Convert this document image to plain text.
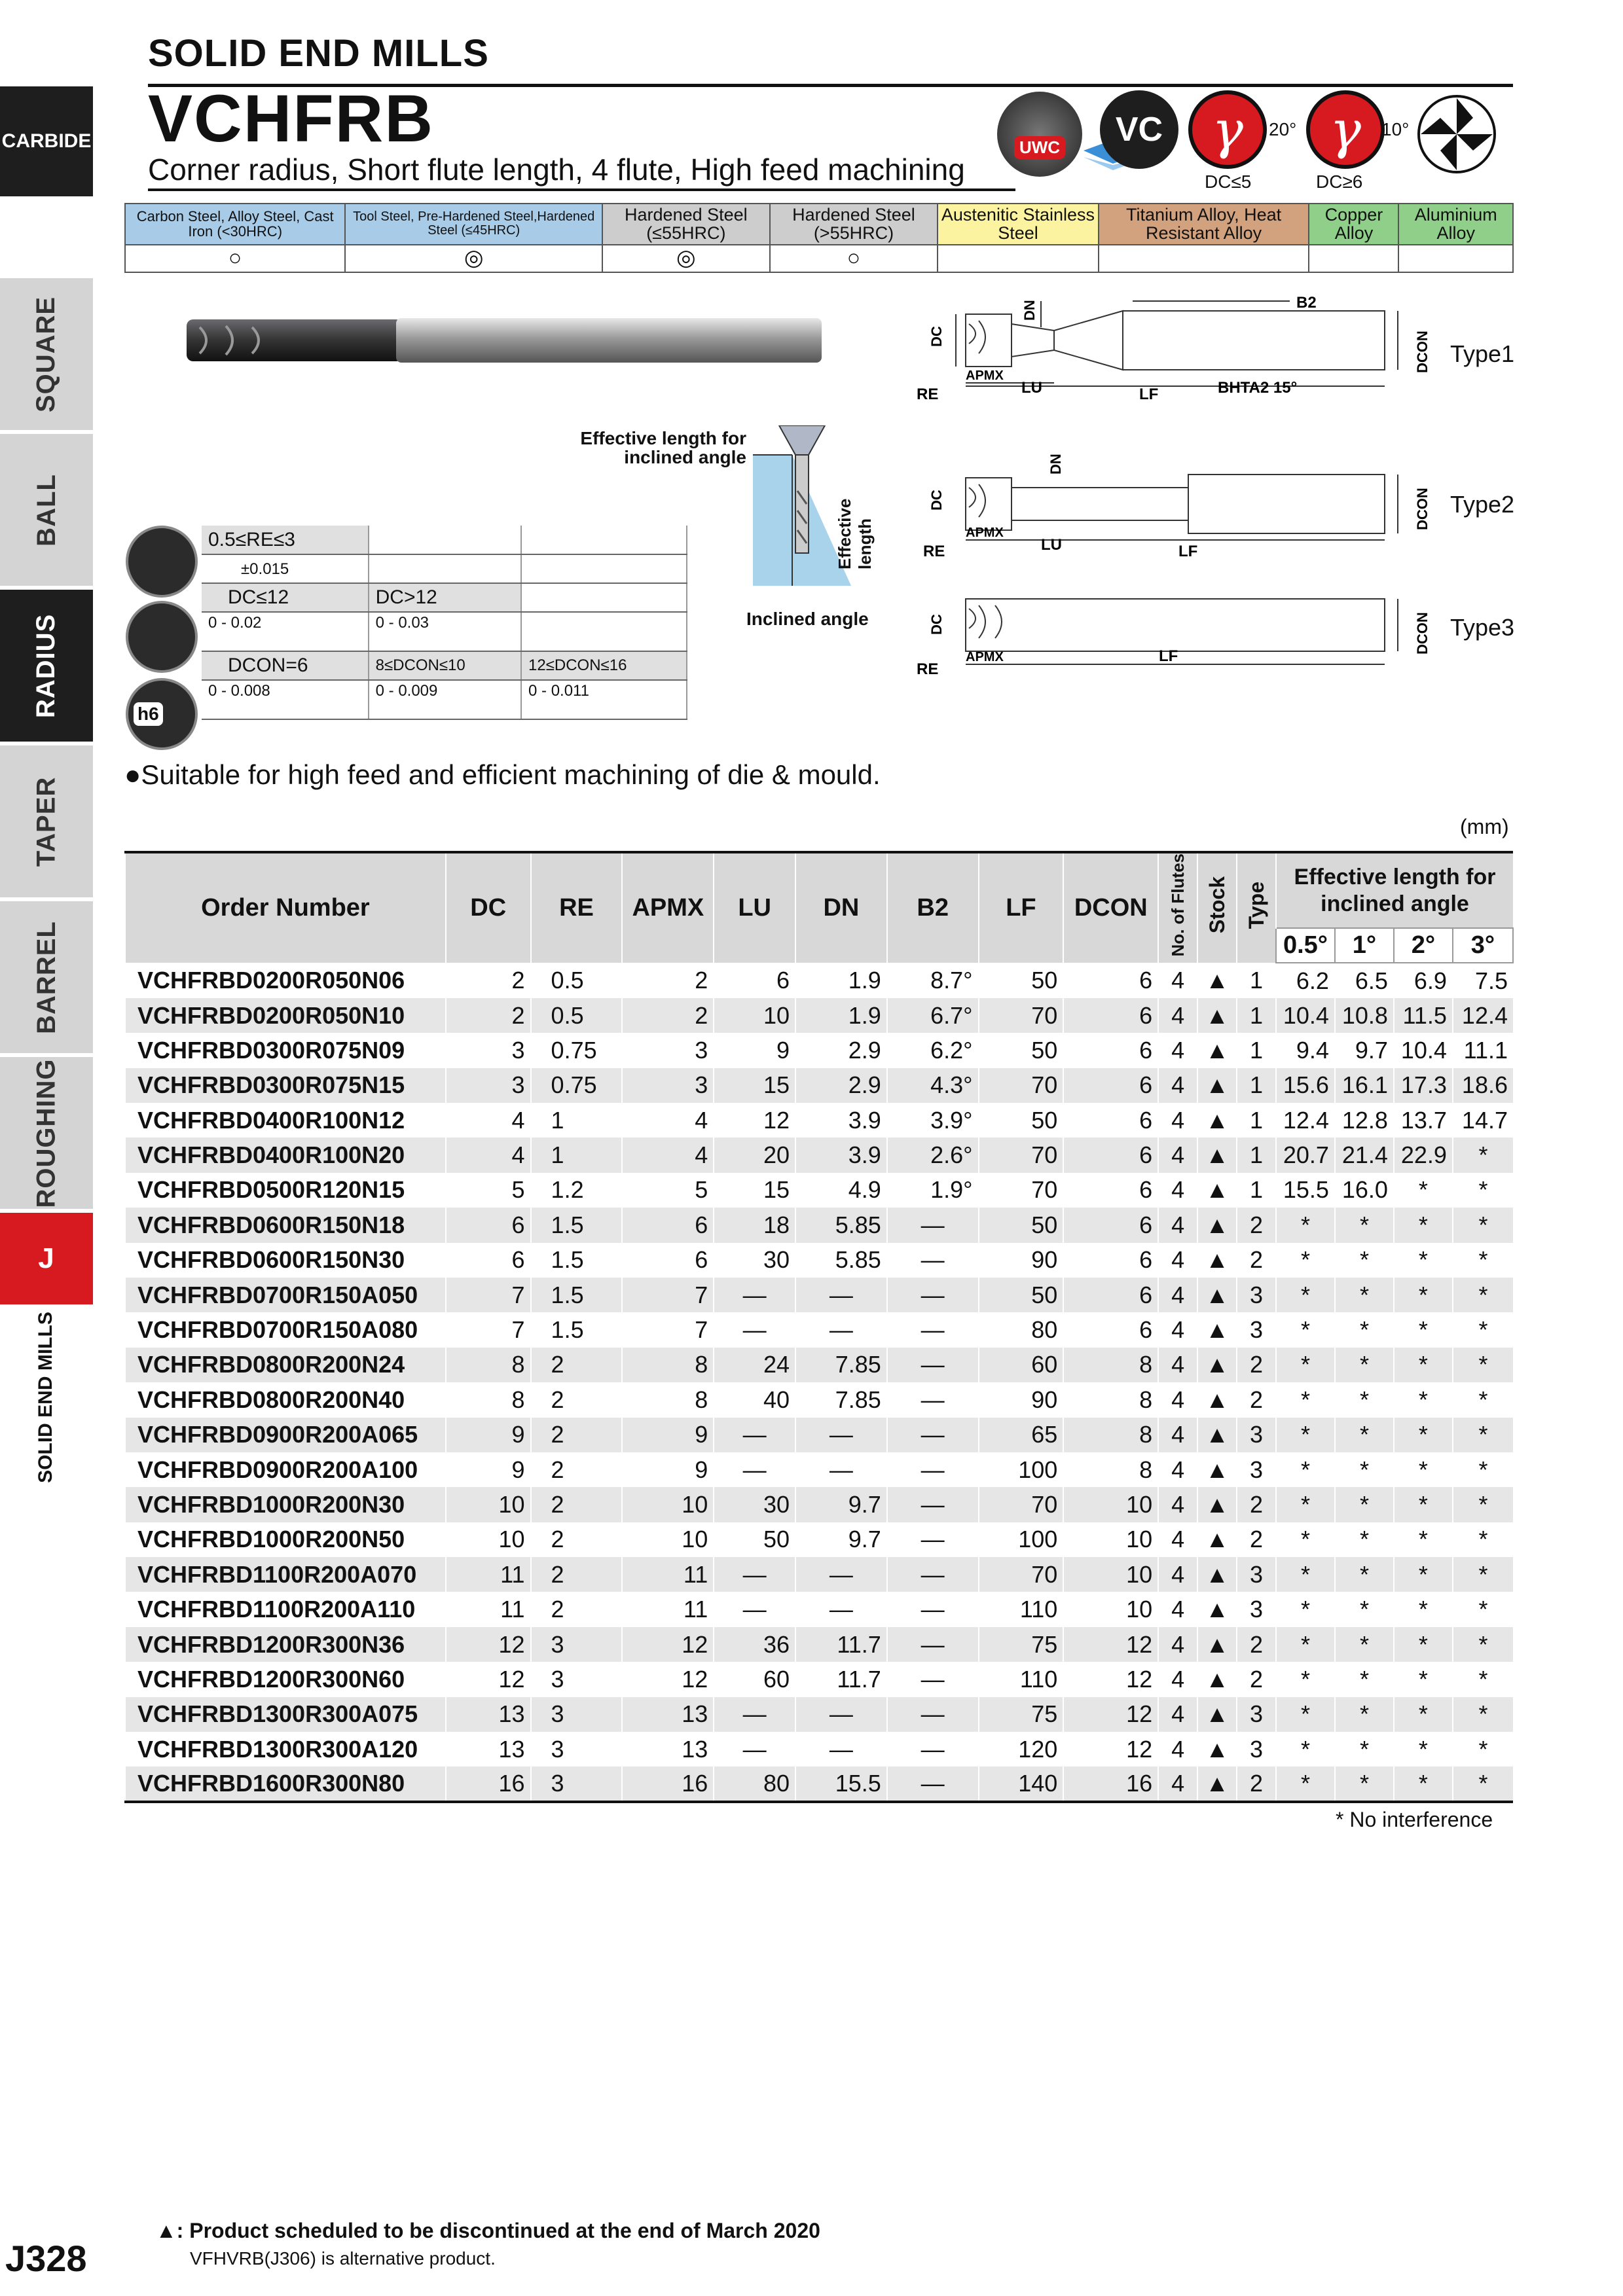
CARBIDE
SQUARE
BALL
RADIUS
TAPER
BARREL
ROUGHING
J
SOLID END MILLS
SOLID END MILLS
VCHFRB
Corner radius, Short flute length, 4 flute, High feed machining
UWC VC γ 20°
DC≤5
γ 10°
DC≥6
Carbon Steel, Alloy Steel, Cast Iron (<30HRC)	Tool Steel, Pre-Hardened Steel,Hardened Steel (≤45HRC)	Hardened Steel (≤55HRC)	Hardened Steel (>55HRC)	Austenitic Stainless Steel	Titanium Alloy, Heat Resistant Alloy	Copper Alloy	Aluminium Alloy
○	◎	◎	○				
Effective length for inclined angle
Effective length
Inclined angle
DC
DN	B2
RE
APMX
LU	LF	BHTA2 15°
DCON Type1
DC
DN
RE
APMX
LU	LF
DCON Type2
DC
RE
APMX	LF
DCON Type3
h6
0.5≤RE≤3		
±0.015		
DC≤12	DC>12	
0 - 0.02	0 - 0.03	
DCON=6	8≤DCON≤10	12≤DCON≤16
0 - 0.008	0 - 0.009	0 - 0.011
●Suitable for high feed and efficient machining of die & mould.
(mm)
Order Number	DC	RE	APMX	LU	DN	B2	LF	DCON	No. of Flutes	Stock	Type	Effective length for inclined angle			
												0.5°	1°	2°	3°
VCHFRBD0200R050N06	2	0.5	2	6	1.9	8.7°	50	6	4	▲	1	6.2	6.5	6.9	7.5
VCHFRBD0200R050N10	2	0.5	2	10	1.9	6.7°	70	6	4	▲	1	10.4	10.8	11.5	12.4
VCHFRBD0300R075N09	3	0.75	3	9	2.9	6.2°	50	6	4	▲	1	9.4	9.7	10.4	11.1
VCHFRBD0300R075N15	3	0.75	3	15	2.9	4.3°	70	6	4	▲	1	15.6	16.1	17.3	18.6
VCHFRBD0400R100N12	4	1	4	12	3.9	3.9°	50	6	4	▲	1	12.4	12.8	13.7	14.7
VCHFRBD0400R100N20	4	1	4	20	3.9	2.6°	70	6	4	▲	1	20.7	21.4	22.9	*
VCHFRBD0500R120N15	5	1.2	5	15	4.9	1.9°	70	6	4	▲	1	15.5	16.0	*	*
VCHFRBD0600R150N18	6	1.5	6	18	5.85	—	50	6	4	▲	2	*	*	*	*
VCHFRBD0600R150N30	6	1.5	6	30	5.85	—	90	6	4	▲	2	*	*	*	*
VCHFRBD0700R150A050	7	1.5	7	—	—	—	50	6	4	▲	3	*	*	*	*
VCHFRBD0700R150A080	7	1.5	7	—	—	—	80	6	4	▲	3	*	*	*	*
VCHFRBD0800R200N24	8	2	8	24	7.85	—	60	8	4	▲	2	*	*	*	*
VCHFRBD0800R200N40	8	2	8	40	7.85	—	90	8	4	▲	2	*	*	*	*
VCHFRBD0900R200A065	9	2	9	—	—	—	65	8	4	▲	3	*	*	*	*
VCHFRBD0900R200A100	9	2	9	—	—	—	100	8	4	▲	3	*	*	*	*
VCHFRBD1000R200N30	10	2	10	30	9.7	—	70	10	4	▲	2	*	*	*	*
VCHFRBD1000R200N50	10	2	10	50	9.7	—	100	10	4	▲	2	*	*	*	*
VCHFRBD1100R200A070	11	2	11	—	—	—	70	10	4	▲	3	*	*	*	*
VCHFRBD1100R200A110	11	2	11	—	—	—	110	10	4	▲	3	*	*	*	*
VCHFRBD1200R300N36	12	3	12	36	11.7	—	75	12	4	▲	2	*	*	*	*
VCHFRBD1200R300N60	12	3	12	60	11.7	—	110	12	4	▲	2	*	*	*	*
VCHFRBD1300R300A075	13	3	13	—	—	—	75	12	4	▲	3	*	*	*	*
VCHFRBD1300R300A120	13	3	13	—	—	—	120	12	4	▲	3	*	*	*	*
VCHFRBD1600R300N80	16	3	16	80	15.5	—	140	16	4	▲	2	*	*	*	*
* No interference
▲: Product scheduled to be discontinued at the end of March 2020
VFHVRB(J306) is alternative product.
J328
